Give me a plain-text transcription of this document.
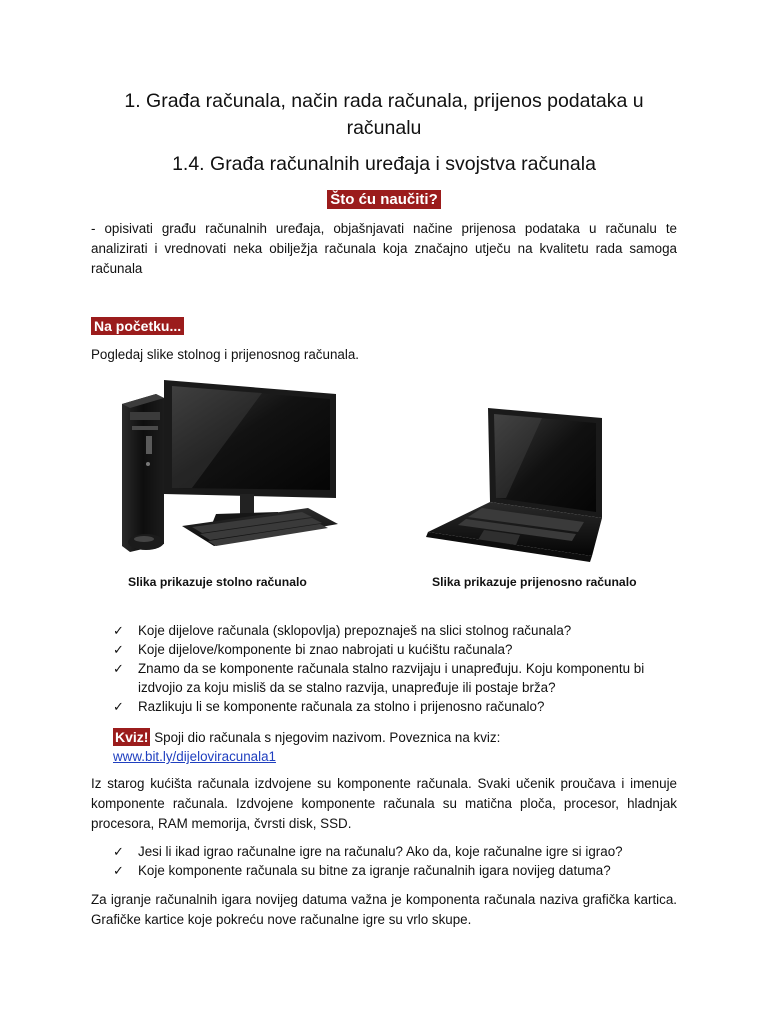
1. Građa računala, način rada računala, prijenos podataka u
računalu
1.4. Građa računalnih uređaja i svojstva računala
Što ću naučiti?
- opisivati građu računalnih uređaja, objašnjavati načine prijenosa podataka u računalu te analizirati i vrednovati neka obilježja računala koja značajno utječu na kvalitetu rada samoga računala
Na početku...
Pogledaj slike stolnog i prijenosnog računala.
Slika prikazuje stolno računalo	Slika prikazuje prijenosno računalo
✓ Koje dijelove računala (sklopovlja) prepoznaješ na slici stolnog računala?
✓ Koje dijelove/komponente bi znao nabrojati u kućištu računala?
✓ Znamo da se komponente računala stalno razvijaju i unapređuju. Koju komponentu bi izdvojio za koju misliš da se stalno razvija, unapređuje ili postaje brža?
✓ Razlikuju li se komponente računala za stolno i prijenosno računalo?
Kviz! Spoji dio računala s njegovim nazivom. Poveznica na kviz:
www.bit.ly/dijeloviracunala1
Iz starog kućišta računala izdvojene su komponente računala. Svaki učenik proučava i imenuje komponente računala. Izdvojene komponente računala su matična ploča, procesor, hladnjak procesora, RAM memorija, čvrsti disk, SSD.
✓ Jesi li ikad igrao računalne igre na računalu? Ako da, koje računalne igre si igrao?
✓ Koje komponente računala su bitne za igranje računalnih igara novijeg datuma?
Za igranje računalnih igara novijeg datuma važna je komponenta računala naziva grafička kartica. Grafičke kartice koje pokreću nove računalne igre su vrlo skupe.
